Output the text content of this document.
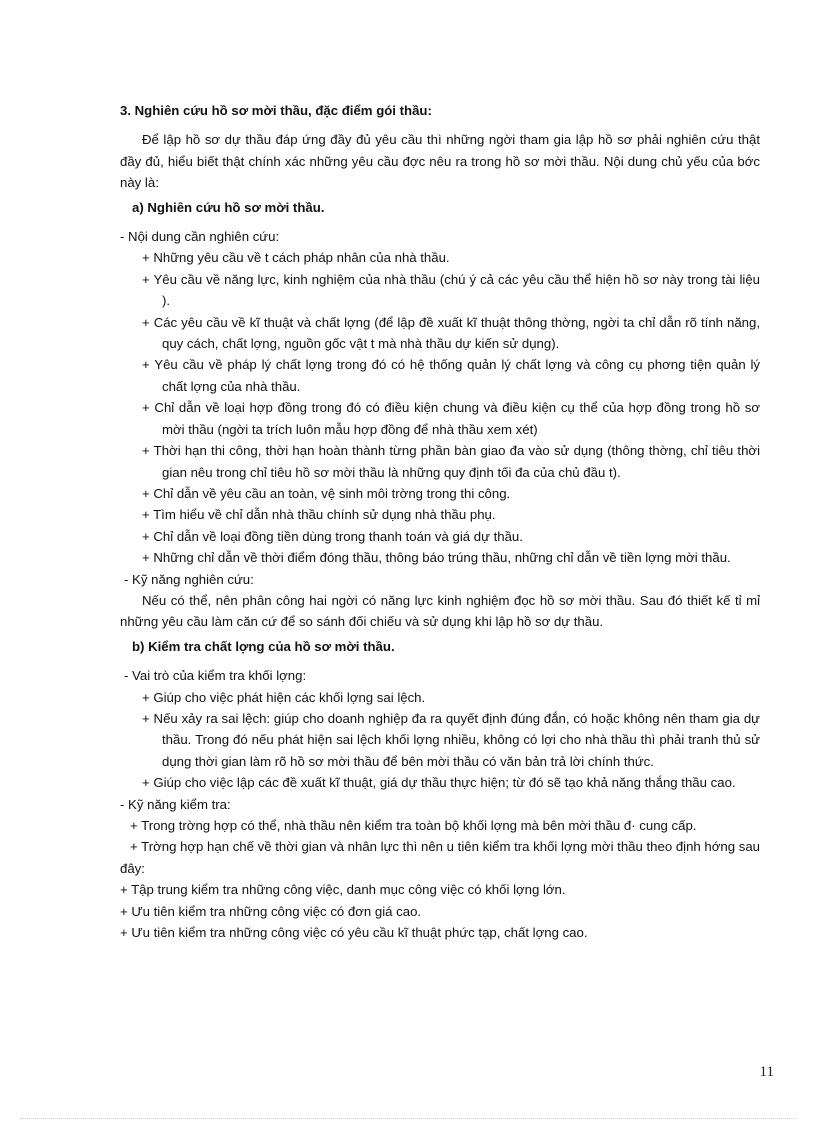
3. Nghiên cứu hồ sơ mời thầu, đặc điểm gói thầu:

Để lập hồ sơ dự thầu đáp ứng đầy đủ yêu cầu thì những ngời tham gia lập hồ sơ phải nghiên cứu thật đầy đủ, hiểu biết thật chính xác những yêu cầu đợc nêu ra trong hồ sơ mời thầu. Nội dung chủ yếu của bớc này là:

a) Nghiên cứu hồ sơ mời thầu.

- Nội dung cần nghiên cứu:

+ Những yêu cầu về t cách pháp nhân của nhà thầu.

+ Yêu cầu về năng lực, kinh nghiệm của nhà thầu (chú ý cả các yêu cầu thể hiện hồ sơ này trong tài liệu ).

+ Các yêu cầu về kĩ thuật và chất lợng (để lập đề xuất kĩ thuật thông thờng, ngời ta chỉ dẫn rõ tính năng, quy cách, chất lợng, nguồn gốc vật t mà nhà thầu dự kiến sử dụng).

+ Yêu cầu về pháp lý chất lợng trong đó có hệ thống quản lý chất lợng và công cụ phơng tiện quản lý chất lợng của nhà thầu.

+ Chỉ dẫn về loại hợp đồng trong đó có điều kiện chung và điều kiện cụ thể của hợp đồng trong hồ sơ mời thầu (ngời ta trích luôn mẫu hợp đồng để nhà thầu xem xét)

+ Thời hạn thi công, thời hạn hoàn thành từng phần bàn giao đa vào sử dụng (thông thờng, chỉ tiêu thời gian nêu trong chỉ tiêu hồ sơ mời thầu là những quy định tối đa của chủ đầu t).

+ Chỉ dẫn về yêu cầu an toàn, vệ sinh môi trờng trong thi công.

+ Tìm hiểu về chỉ dẫn nhà thầu chính sử dụng nhà thầu phụ.

+ Chỉ dẫn về loại đồng tiền dùng trong thanh toán và giá dự thầu.

+ Những chỉ dẫn về thời điểm đóng thầu, thông báo trúng thầu, những chỉ dẫn về tiền lợng mời thầu.

- Kỹ năng nghiên cứu:

Nếu có thể, nên phân công hai ngời có năng lực kinh nghiệm đọc hồ sơ mời thầu. Sau đó thiết kế tỉ mỉ những yêu cầu làm căn cứ để so sánh đối chiếu và sử dụng khi lập hồ sơ dự thầu.

b) Kiểm tra chất lợng của hồ sơ mời thầu.

- Vai trò của kiểm tra khối lợng:

+ Giúp cho việc phát hiện các khối lợng sai lệch.

+ Nếu xảy ra sai lệch: giúp cho doanh nghiệp đa ra quyết định đúng đắn, có hoặc không nên tham gia dự thầu. Trong đó nếu phát hiện sai lệch khối lợng nhiều, không có lợi cho nhà thầu thì phải tranh thủ sử dụng thời gian làm rõ hồ sơ mời thầu để bên mời thầu có văn bản trả lời chính thức.

+ Giúp cho việc lập các đề xuất kĩ thuật, giá dự thầu thực hiện; từ đó sẽ tạo khả năng thắng thầu cao.

- Kỹ năng kiểm tra:

+ Trong trờng hợp có thể, nhà thầu nên kiểm tra toàn bộ khối lợng mà bên mời thầu đ· cung cấp.

+ Trờng hợp hạn chế về thời gian và nhân lực thì nên u tiên kiểm tra khối lợng mời thầu theo định hớng sau đây:

+ Tập trung kiểm tra những công việc, danh mục công việc có khối lợng lớn.

+ Ưu tiên kiểm tra những công việc có đơn giá cao.

+ Ưu tiên kiểm tra những công việc có yêu cầu kĩ thuật phức tạp, chất lợng cao.

11
